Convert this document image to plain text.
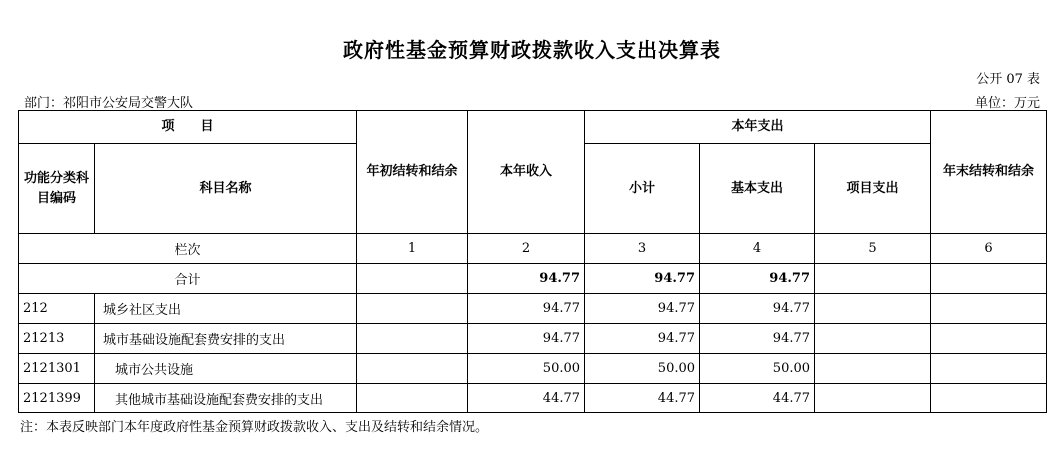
政府性基金预算财政拨款收入支出决算表
公开 07 表
部门：祁阳市公安局交警大队	单位：万元
项　　目		年初结转和结余	本年收入	本年支出			年末结转和结余
功能分类科目编码	科目名称			小计	基本支出	项目支出	
栏次		1	2	3	4	5	6
合计			94.77	94.77	94.77		
212	城乡社区支出		94.77	94.77	94.77		
21213	城市基础设施配套费安排的支出		94.77	94.77	94.77		
2121301	城市公共设施		50.00	50.00	50.00		
2121399	其他城市基础设施配套费安排的支出		44.77	44.77	44.77		
注：本表反映部门本年度政府性基金预算财政拨款收入、支出及结转和结余情况。
